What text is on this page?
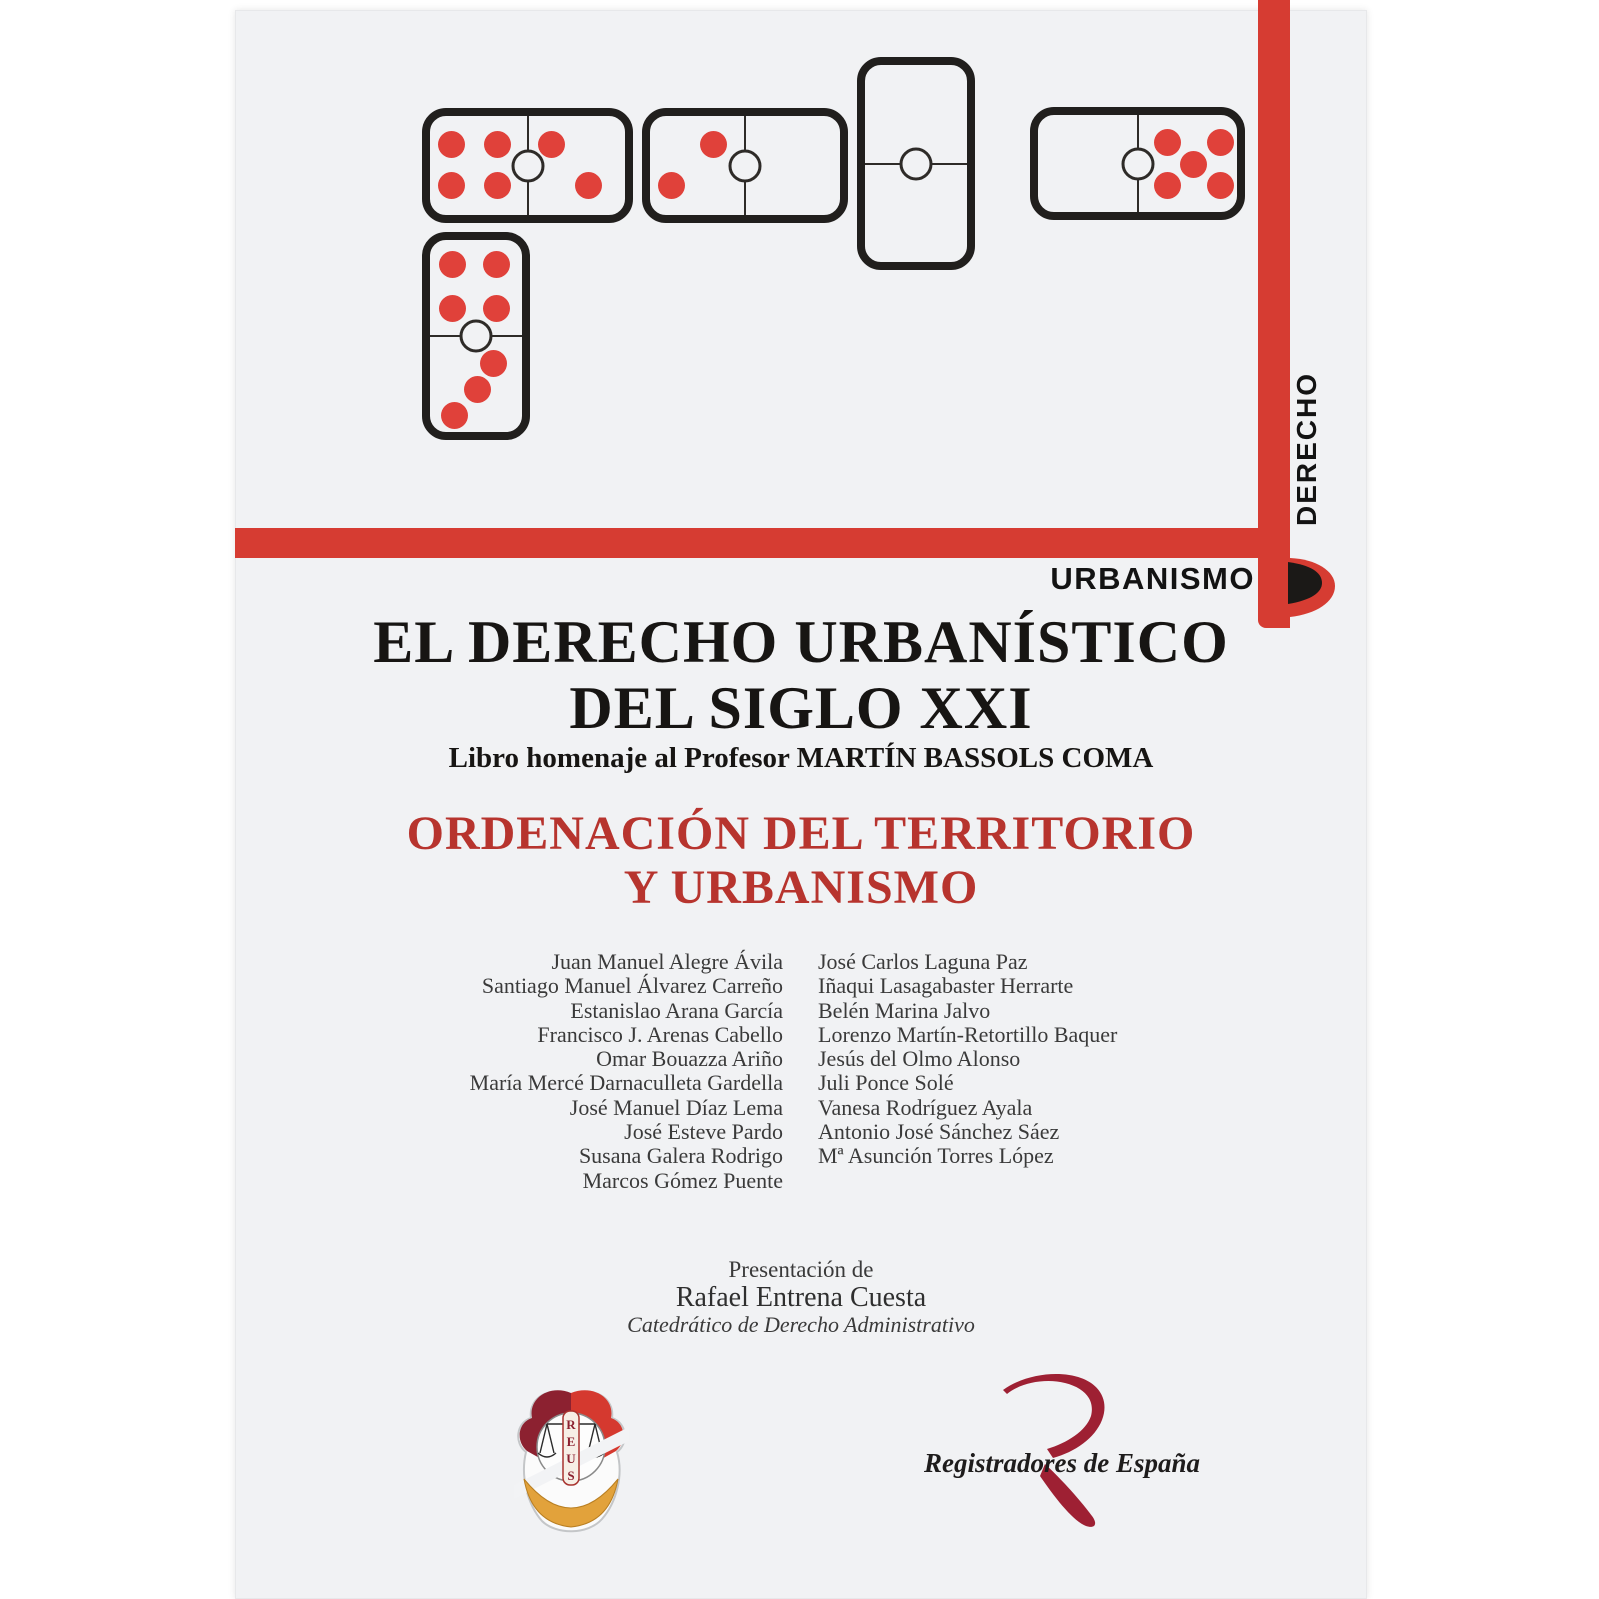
URBANISMO
DERECHO
EL DERECHO URBANÍSTICO
DEL SIGLO XXI
Libro homenaje al Profesor MARTÍN BASSOLS COMA
ORDENACIÓN DEL TERRITORIO
Y URBANISMO
Juan Manuel Alegre Ávila
Santiago Manuel Álvarez Carreño
Estanislao Arana García
Francisco J. Arenas Cabello
Omar Bouazza Ariño
María Mercé Darnaculleta Gardella
José Manuel Díaz Lema
José Esteve Pardo
Susana Galera Rodrigo
Marcos Gómez Puente
José Carlos Laguna Paz
Iñaqui Lasagabaster Herrarte
Belén Marina Jalvo
Lorenzo Martín-Retortillo Baquer
Jesús del Olmo Alonso
Juli Ponce Solé
Vanesa Rodríguez Ayala
Antonio José Sánchez Sáez
Mª Asunción Torres López
Presentación de
Rafael Entrena Cuesta
Catedrático de Derecho Administrativo
R
E
U
S	Registradores de España
